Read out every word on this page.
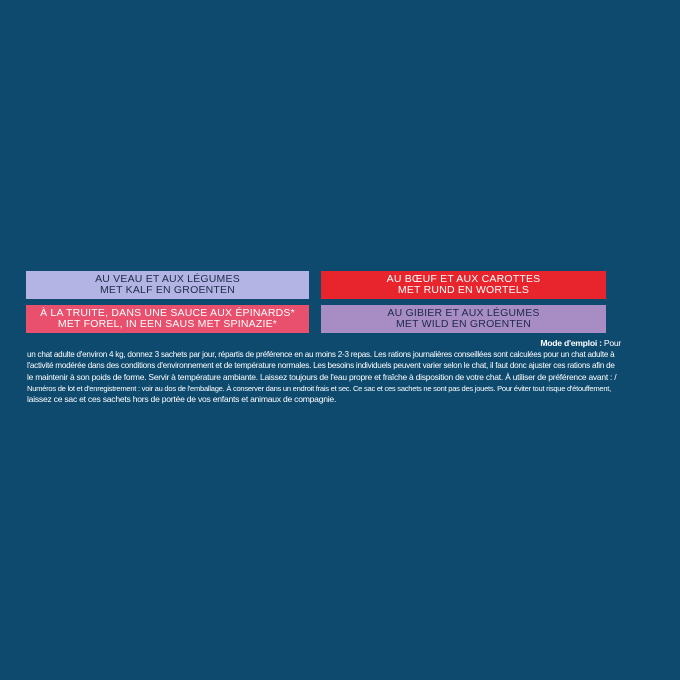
AU VEAU ET AUX LÉGUMES
MET KALF EN GROENTEN
AU BŒUF ET AUX CAROTTES
MET RUND EN WORTELS
À LA TRUITE, DANS UNE SAUCE AUX ÉPINARDS*
MET FOREL, IN EEN SAUS MET SPINAZIE*
AU GIBIER ET AUX LÉGUMES
MET WILD EN GROENTEN
Mode d'emploi : Pour
un chat adulte d'environ 4 kg, donnez 3 sachets par jour, répartis de préférence en au moins 2-3 repas. Les rations journalières conseillées sont calculées pour un chat adulte à
l'activité modérée dans des conditions d'environnement et de température normales. Les besoins individuels peuvent varier selon le chat, il faut donc ajuster ces rations afin de
le maintenir à son poids de forme. Servir à température ambiante. Laissez toujours de l'eau propre et fraîche à disposition de votre chat. À utiliser de préférence avant : /
Numéros de lot et d'enregistrement : voir au dos de l'emballage. À conserver dans un endroit frais et sec. Ce sac et ces sachets ne sont pas des jouets. Pour éviter tout risque d'étouffement,
laissez ce sac et ces sachets hors de portée de vos enfants et animaux de compagnie.
